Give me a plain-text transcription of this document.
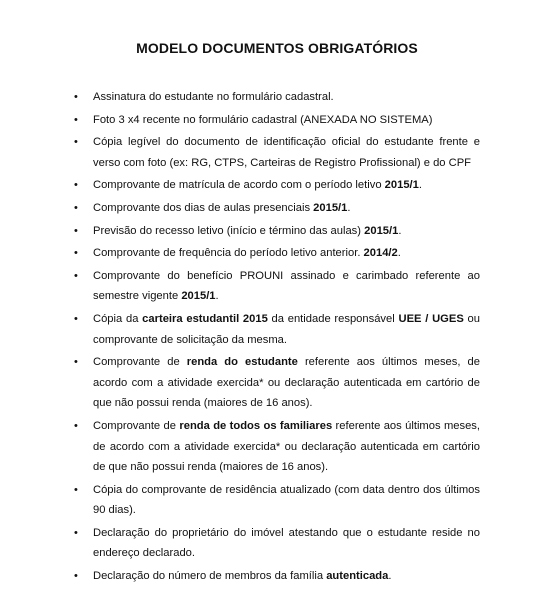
MODELO DOCUMENTOS OBRIGATÓRIOS
• Assinatura do estudante no formulário cadastral.
• Foto 3 x4 recente no formulário cadastral (ANEXADA NO SISTEMA)
• Cópia legível do documento de identificação oficial do estudante frente e verso com foto (ex: RG, CTPS, Carteiras de Registro Profissional) e do CPF
• Comprovante de matrícula de acordo com o período letivo 2015/1.
• Comprovante dos dias de aulas presenciais 2015/1.
• Previsão do recesso letivo (início e término das aulas) 2015/1.
• Comprovante de frequência do período letivo anterior. 2014/2.
• Comprovante do benefício PROUNI assinado e carimbado referente ao semestre vigente 2015/1.
• Cópia da carteira estudantil 2015 da entidade responsável UEE / UGES ou comprovante de solicitação da mesma.
• Comprovante de renda do estudante referente aos últimos meses, de acordo com a atividade exercida* ou declaração autenticada em cartório de que não possui renda (maiores de 16 anos).
• Comprovante de renda de todos os familiares referente aos últimos meses, de acordo com a atividade exercida* ou declaração autenticada em cartório de que não possui renda (maiores de 16 anos).
• Cópia do comprovante de residência atualizado (com data dentro dos últimos 90 dias).
• Declaração do proprietário do imóvel atestando que o estudante reside no endereço declarado.
• Declaração do número de membros da família autenticada.
